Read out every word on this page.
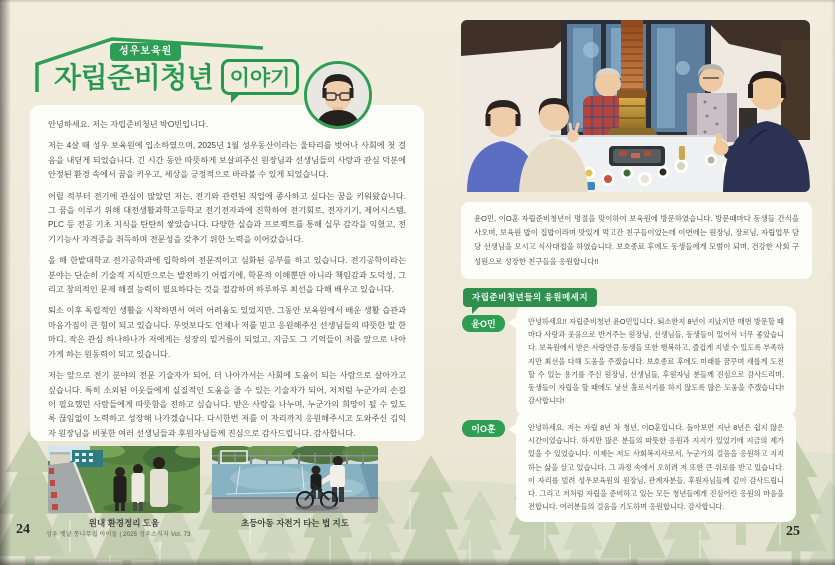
성우보육원
자립준비청년 이야기

안녕하세요. 저는 자립준비청년 박O빈입니다.

저는 4살 때 성우 보육원에 입소하였으며, 2025년 1월 성우동산이라는 울타리를 벗어나 사회에 첫 걸음을 내딛게 되었습니다. 긴 시간 동안 따뜻하게 보살펴주신 원장님과 선생님들의 사랑과 관심 덕분에 안정된 환경 속에서 꿈을 키우고, 세상을 긍정적으로 바라볼 수 있게 되었습니다.

어릴 적부터 전기에 관심이 많았던 저는, 전기와 관련된 직업에 종사하고 싶다는 꿈을 키워왔습니다. 그 꿈을 이루기 위해 대전생활과학고등학교 전기전자과에 진학하여 전기회로, 전자기기, 제어시스템, PLC 등 전공 기초 지식을 탄탄히 쌓았습니다. 다양한 실습과 프로젝트를 통해 실무 감각을 익혔고, 전기기능사 자격증을 취득하며 전문성을 갖추기 위한 노력을 이어갔습니다.

올 해 한밭대학교 전기공학과에 입학하여 전문적이고 심화된 공부를 하고 있습니다. 전기공학이라는 분야는 단순히 기술적 지식만으로는 발전하기 어렵기에, 학문적 이해뿐만 아니라 책임감과 도덕성, 그리고 창의적인 문제 해결 능력이 필요하다는 것을 절감하며 하루하루 최선을 다해 배우고 있습니다.

퇴소 이후 독립적인 생활을 시작하면서 여러 어려움도 있었지만, 그동안 보육원에서 배운 생활 습관과 마음가짐이 큰 힘이 되고 있습니다. 무엇보다도 언제나 저를 믿고 응원해주신 선생님들의 따뜻한 말 한 마디, 작은 관심 하나하나가 저에게는 성장의 밑거름이 되었고, 지금도 그 기억들이 저를 앞으로 나아가게 하는 원동력이 되고 있습니다.

저는 앞으로 전기 분야의 전문 기술자가 되어, 더 나아가서는 사회에 도움이 되는 사람으로 살아가고 싶습니다. 특히 소외된 이웃들에게 실질적인 도움을 줄 수 있는 기술자가 되어, 저처럼 누군가의 손길이 필요했던 사람들에게 따뜻함을 전하고 싶습니다. 받은 사랑을 나누며, 누군가의 희망이 될 수 있도록 끊임없이 노력하고 성장해 나가겠습니다. 다시한번 저를 이 자리까지 응원해주시고 도와주신 김익자 원장님을 비롯한 여러 선생님들과 후원자님들께 진심으로 감사드립니다. 감사합니다.

원내 환경정리 도움	초등아동 자전거 타는 법 지도
24	성우 옛날 통나무집 아이들 | 2025 성우소식지 Vol. 73

윤O민, 이O훈 자립준비청년이 명절을 맞이하여 보육원에 방문하였습니다. 방문때마다 동생들 간식을 사오며, 보육원 밥이 집밥이라며 맛있게 먹고간 친구들이었는데 이번에는 원장님, 장로님, 자립업무 담당 선생님을 모시고 식사대접을 하였습니다. 보호종료 후에도 동생들에게 모범이 되며, 건강한 사회 구성원으로 성장한 친구들을 응원합니다!!

자립준비청년들의 응원메세지
윤O민	안녕하세요!! 자립준비청년 윤O민입니다. 퇴소한지 8년이 지났지만 매번 방문할 때 마다 사랑과 웃음으로 반겨주는 원장님, 선생님들, 동생들이 있어서 너무 좋았습니다. 보육원에서 받은 사랑만큼 동생들 또한 행복하고, 즐겁게 지낼 수 있도록 부족하지만 최선을 다해 도움을 주겠습니다. 보호종료 후에도 미래를 꿈꾸며 새롭게 도전할 수 있는 용기를 주신 원장님, 선생님들, 후원자님 분들께 진심으로 감사드리며, 동생들이 자립을 할 때에도 낯선 홀로서기를 하지 않도록 많은 도움을 주겠습니다! 감사합니다!

이O훈	안녕하세요. 저는 자립 8년 차 청년, 이O훈입니다. 돌아보면 지난 8년은 쉽지 않은 시간이었습니다. 하지만 많은 분들의 따뜻한 응원과 지지가 있었기에 지금의 제가 있을 수 있었습니다. 이제는 저도 사회복지사로서, 누군가의 걸음을 응원하고 지지하는 삶을 살고 있습니다. 그 과정 속에서 오히려 저 또한 큰 위로를 받고 있습니다. 이 자리를 빌려 성우보육원의 원장님, 관계자분들, 후원자님들께 깊이 감사드립니다. 그리고 저처럼 자립을 준비하고 있는 모든 청년들에게 진심어린 응원의 마음을 전합니다. 여러분들의 걸음을 기도하며 응원합니다. 감사합니다.

25
